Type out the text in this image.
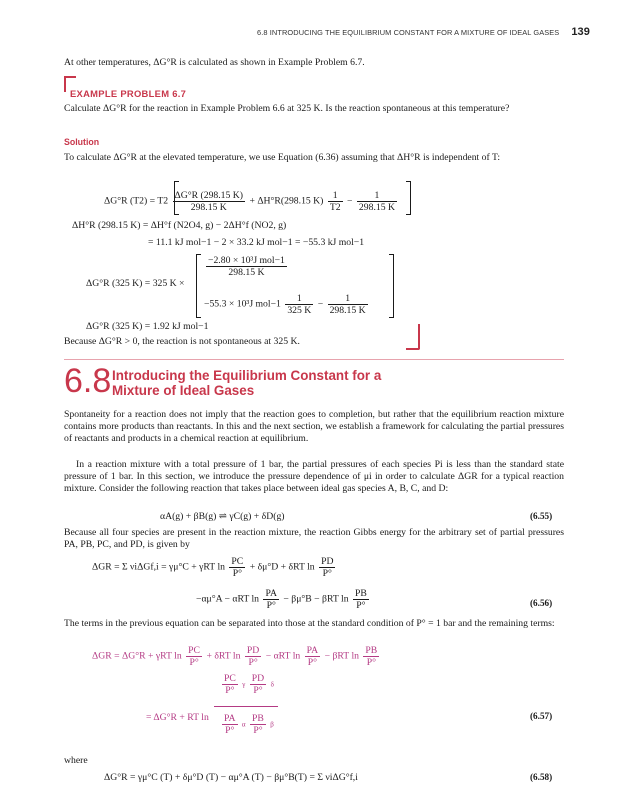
6.8 INTRODUCING THE EQUILIBRIUM CONSTANT FOR A MIXTURE OF IDEAL GASES 139
At other temperatures, ΔG°R is calculated as shown in Example Problem 6.7.
EXAMPLE PROBLEM 6.7
Calculate ΔG°R for the reaction in Example Problem 6.6 at 325 K. Is the reaction spontaneous at this temperature?
Solution
To calculate ΔG°R at the elevated temperature, we use Equation (6.36) assuming that ΔH°R is independent of T:
ΔG°R $(T2) = T2 \frac{\Delta G^\circ R (298.15 K)}{298.15 K} + \Delta H^\circ R(298.15$ $K) \frac{1}{T2} - \frac{1}{298.15 K}$
ΔH°R (298.15 K) = ΔH°f (N2O4, g) − 2ΔH°f (NO2, g)
= 11.1 kJ mol−1 − 2 × 33.2 kJ mol−1 = −55.3 kJ mol−1
ΔG°R (325 K) = 325 K ×
$\frac{\text{−2.80 × 10³J mol−1}}{298.15 K}$
−55.3 × 10³J $mol-1 \frac{1}{325 K} - \frac{1}{298.15 K}$
ΔG°R (325 K) = 1.92 kJ mol−1
Because ΔG°R > 0, the reaction is not spontaneous at 325 K.
6.8 Introducing the Equilibrium Constant for a Mixture of Ideal Gases
Spontaneity for a reaction does not imply that the reaction goes to completion, but rather that the equilibrium reaction mixture contains more products than reactants. In this and the next section, we establish a framework for calculating the partial pressures of reactants and products in a chemical reaction at equilibrium.
In a reaction mixture with a total pressure of 1 bar, the partial pressures of each species Pi is less than the standard state pressure of 1 bar. In this section, we introduce the pressure dependence of μi in order to calculate ΔGR for a typical reaction mixture. Consider the following reaction that takes place between ideal gas species A, B, C, and D:
αA(g) + βB(g) ⇌ γC(g) + δD(g)	(6.55)
Because all four species are present in the reaction mixture, the reaction Gibbs energy for the arbitrary set of partial pressures PA, PB, PC, and PD, is given by
ΔGR = Σ νiΔGf,i = γμ°C + γRT $\ln \frac{PC}{P^\circ} + \delta\mu^\circ D + \delta RT$ $\ln \frac{PD}{P^\circ}$
−αμ°A − αRT $\ln \frac{PA}{P^\circ} - \beta\mu^\circ B - \beta RT$ $\ln \frac{PB}{P^\circ}$	(6.56)
The terms in the previous equation can be separated into those at the standard condition of P° = 1 bar and the remaining terms:
ΔGR = ΔG°R + γRT $\ln \frac{PC}{P^\circ} + \delta RT$ $\ln \frac{PD}{P^\circ} - \alpha RT$ $\ln \frac{PA}{P^\circ} - \beta RT$ $\ln \frac{PB}{P^\circ}$
= ΔG°R + RT ln
$\frac{PC}{P^\circ}$ γ $\frac{PD}{P^\circ}$ δ
$\frac{PA}{P^\circ}$ α $\frac{PB}{P^\circ}$ β
(6.57)
where
ΔG°R = γμ°C (T) + δμ°D (T) − αμ°A (T) − βμ°B(T) = Σ νiΔG°f,i	(6.58)
